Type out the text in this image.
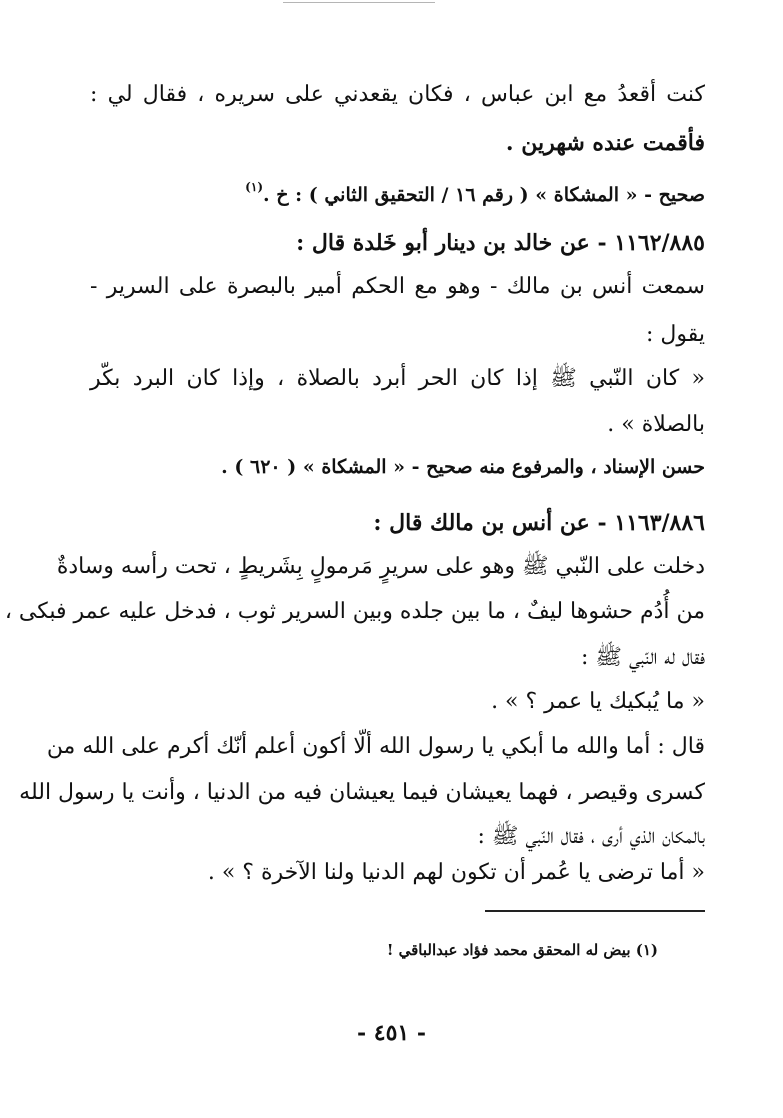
كنت أقعدُ مع ابن عباس ، فكان يقعدني على سريره ، فقال لي :
فأقمت عنده شهرين .
صحيح - « المشكاة » ( رقم ١٦ / التحقيق الثاني ) : خ .$^{(١)}$
١١٦٢/٨٨٥ - عن خالد بن دينار أبو خَلدة قال :
سمعت أنس بن مالك - وهو مع الحكم أمير بالبصرة على السرير -
يقول :
« كان النّبي ﷺ إذا كان الحر أبرد بالصلاة ، وإذا كان البرد بكّر
بالصلاة » .
حسن الإسناد ، والمرفوع منه صحيح - « المشكاة » ( ٦٢٠ ) .
١١٦٣/٨٨٦ - عن أنس بن مالك قال :
دخلت على النّبي ﷺ وهو على سريرٍ مَرمولٍ بِشَريطٍ ، تحت رأسه وسادةٌ
من أُدُم حشوها ليفٌ ، ما بين جلده وبين السرير ثوب ، فدخل عليه عمر فبكى ،
فقال له النّبي ﷺ :
« ما يُبكيك يا عمر ؟ » .
قال : أما والله ما أبكي يا رسول الله ألّا أكون أعلم أنّك أكرم على الله من
كسرى وقيصر ، فهما يعيشان فيما يعيشان فيه من الدنيا ، وأنت يا رسول الله
بالمكان الذي أرى ، فقال النّبي ﷺ :
« أما ترضى يا عُمر أن تكون لهم الدنيا ولنا الآخرة ؟ » .
(١) بيض له المحقق محمد فؤاد عبدالباقي !
- ٤٥١ -
